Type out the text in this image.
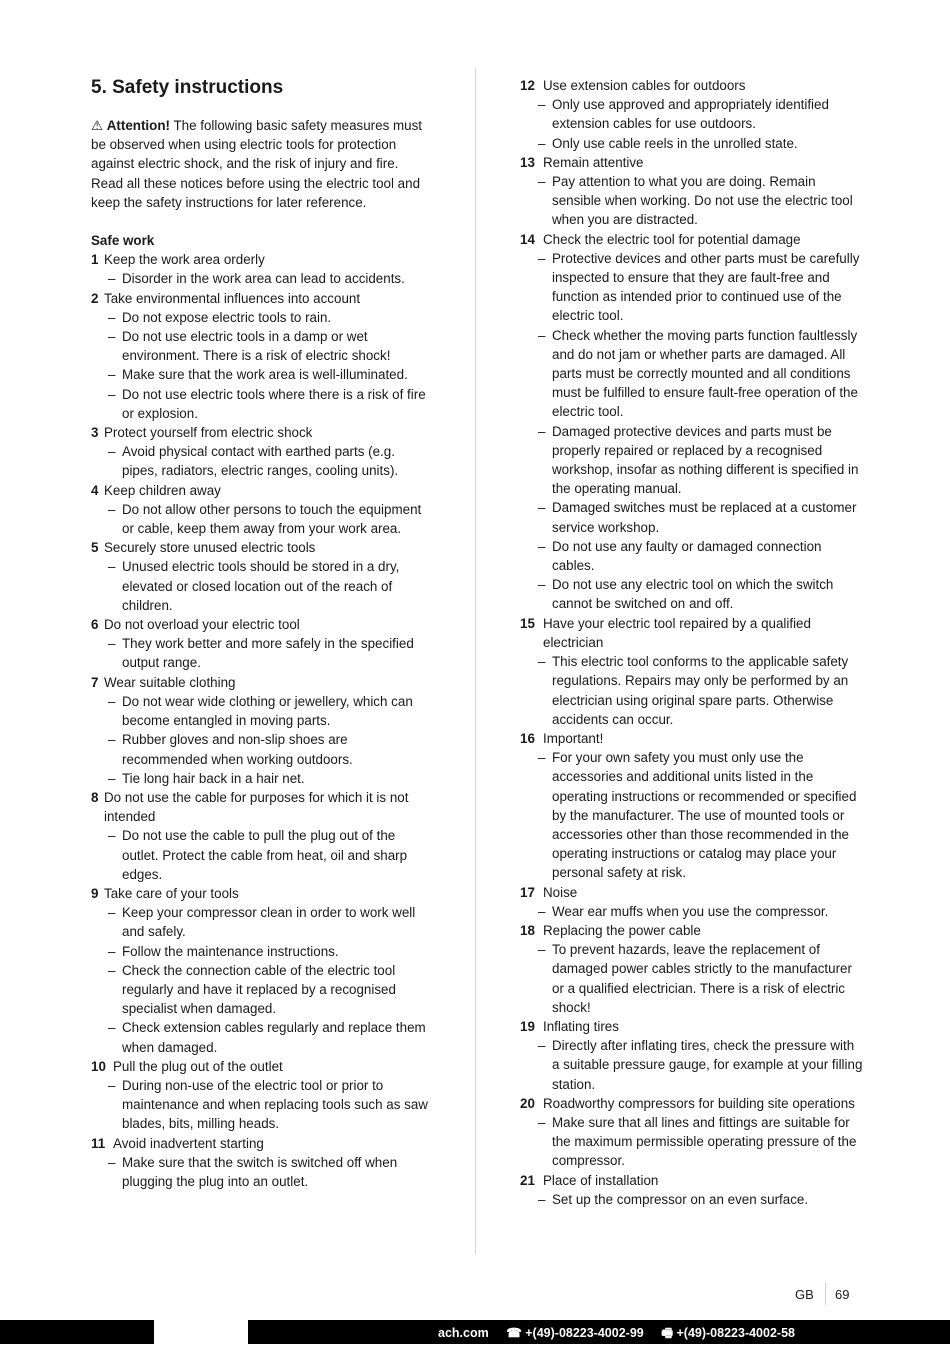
5. Safety instructions
⚠ Attention! The following basic safety measures must be observed when using electric tools for protection against electric shock, and the risk of injury and fire. Read all these notices before using the electric tool and keep the safety instructions for later reference.
Safe work
1 Keep the work area orderly
– Disorder in the work area can lead to accidents.
2 Take environmental influences into account
– Do not expose electric tools to rain.
– Do not use electric tools in a damp or wet environment. There is a risk of electric shock!
– Make sure that the work area is well-illuminated.
– Do not use electric tools where there is a risk of fire or explosion.
3 Protect yourself from electric shock
– Avoid physical contact with earthed parts (e.g. pipes, radiators, electric ranges, cooling units).
4 Keep children away
– Do not allow other persons to touch the equipment or cable, keep them away from your work area.
5 Securely store unused electric tools
– Unused electric tools should be stored in a dry, elevated or closed location out of the reach of children.
6 Do not overload your electric tool
– They work better and more safely in the specified output range.
7 Wear suitable clothing
– Do not wear wide clothing or jewellery, which can become entangled in moving parts.
– Rubber gloves and non-slip shoes are recommended when working outdoors.
– Tie long hair back in a hair net.
8 Do not use the cable for purposes for which it is not intended
– Do not use the cable to pull the plug out of the outlet. Protect the cable from heat, oil and sharp edges.
9 Take care of your tools
– Keep your compressor clean in order to work well and safely.
– Follow the maintenance instructions.
– Check the connection cable of the electric tool regularly and have it replaced by a recognised specialist when damaged.
– Check extension cables regularly and replace them when damaged.
10 Pull the plug out of the outlet
– During non-use of the electric tool or prior to maintenance and when replacing tools such as saw blades, bits, milling heads.
11 Avoid inadvertent starting
– Make sure that the switch is switched off when plugging the plug into an outlet.
12 Use extension cables for outdoors
– Only use approved and appropriately identified extension cables for use outdoors.
– Only use cable reels in the unrolled state.
13 Remain attentive
– Pay attention to what you are doing. Remain sensible when working. Do not use the electric tool when you are distracted.
14 Check the electric tool for potential damage
– Protective devices and other parts must be carefully inspected to ensure that they are fault-free and function as intended prior to continued use of the electric tool.
– Check whether the moving parts function faultlessly and do not jam or whether parts are damaged. All parts must be correctly mounted and all conditions must be fulfilled to ensure fault-free operation of the electric tool.
– Damaged protective devices and parts must be properly repaired or replaced by a recognised workshop, insofar as nothing different is specified in the operating manual.
– Damaged switches must be replaced at a customer service workshop.
– Do not use any faulty or damaged connection cables.
– Do not use any electric tool on which the switch cannot be switched on and off.
15 Have your electric tool repaired by a qualified electrician
– This electric tool conforms to the applicable safety regulations. Repairs may only be performed by an electrician using original spare parts. Otherwise accidents can occur.
16 Important!
– For your own safety you must only use the accessories and additional units listed in the operating instructions or recommended or specified by the manufacturer. The use of mounted tools or accessories other than those recommended in the operating instructions or catalog may place your personal safety at risk.
17 Noise
– Wear ear muffs when you use the compressor.
18 Replacing the power cable
– To prevent hazards, leave the replacement of damaged power cables strictly to the manufacturer or a qualified electrician. There is a risk of electric shock!
19 Inflating tires
– Directly after inflating tires, check the pressure with a suitable pressure gauge, for example at your filling station.
20 Roadworthy compressors for building site operations
– Make sure that all lines and fittings are suitable for the maximum permissible operating pressure of the compressor.
21 Place of installation
– Set up the compressor on an even surface.
GB	69
ach.com ☎ +(49)-08223-4002-99 🖷 +(49)-08223-4002-58
